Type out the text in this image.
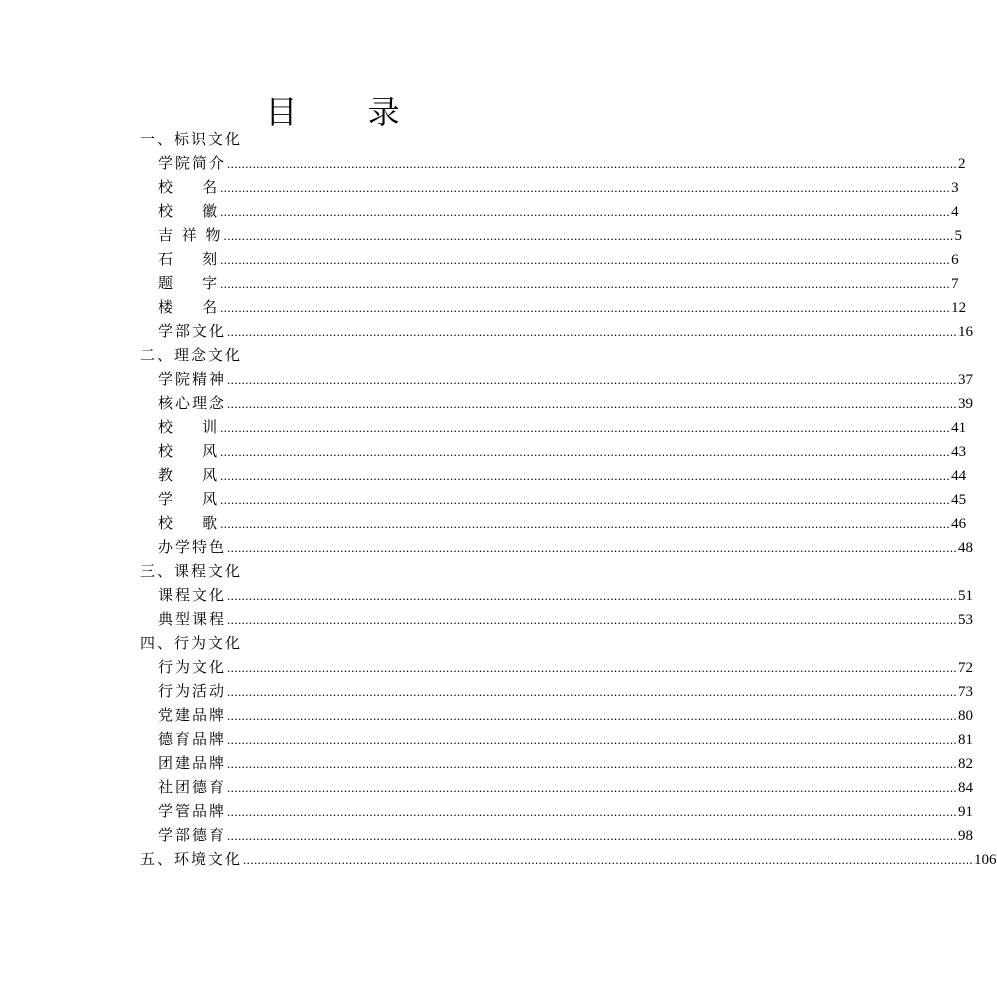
目 录
一、标识文化
学院简介 ........................................................................................................................................................................................................ 2
校    名 ........................................................................................................................................................................................................ 3
校    徽 ........................................................................................................................................................................................................ 4
吉 祥 物 ........................................................................................................................................................................................................ 5
石    刻 ........................................................................................................................................................................................................ 6
题    字 ........................................................................................................................................................................................................ 7
楼    名 ........................................................................................................................................................................................................ 12
学部文化 ........................................................................................................................................................................................................ 16
二、理念文化
学院精神 ........................................................................................................................................................................................................ 37
核心理念 ........................................................................................................................................................................................................ 39
校    训 ........................................................................................................................................................................................................ 41
校    风 ........................................................................................................................................................................................................ 43
教    风 ........................................................................................................................................................................................................ 44
学    风 ........................................................................................................................................................................................................ 45
校    歌 ........................................................................................................................................................................................................ 46
办学特色 ........................................................................................................................................................................................................ 48
三、课程文化
课程文化 ........................................................................................................................................................................................................ 51
典型课程 ........................................................................................................................................................................................................ 53
四、行为文化
行为文化 ........................................................................................................................................................................................................ 72
行为活动 ........................................................................................................................................................................................................ 73
党建品牌 ........................................................................................................................................................................................................ 80
德育品牌 ........................................................................................................................................................................................................ 81
团建品牌 ........................................................................................................................................................................................................ 82
社团德育 ........................................................................................................................................................................................................ 84
学管品牌 ........................................................................................................................................................................................................ 91
学部德育 ........................................................................................................................................................................................................ 98
五、环境文化 ........................................................................................................................................................................................................ 106
